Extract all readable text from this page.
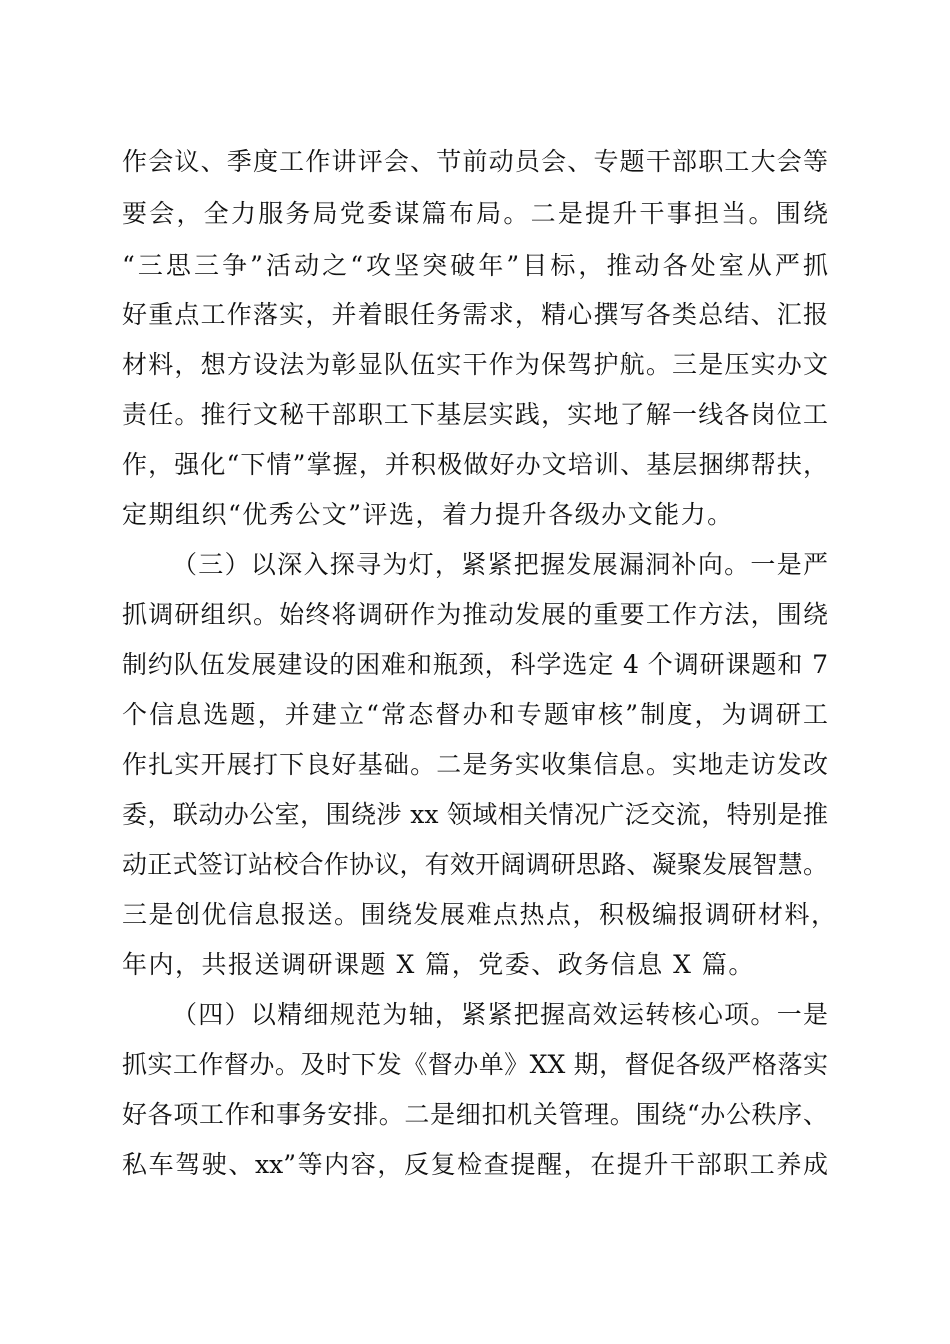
作会议、季度工作讲评会、节前动员会、专题干部职工大会等
要会，全力服务局党委谋篇布局。二是提升干事担当。围绕
“三思三争”活动之“攻坚突破年”目标，推动各处室从严抓
好重点工作落实，并着眼任务需求，精心撰写各类总结、汇报
材料，想方设法为彰显队伍实干作为保驾护航。三是压实办文
责任。推行文秘干部职工下基层实践，实地了解一线各岗位工
作，强化“下情”掌握，并积极做好办文培训、基层捆绑帮扶，
定期组织“优秀公文”评选，着力提升各级办文能力。
（三）以深入探寻为灯，紧紧把握发展漏洞补向。一是严
抓调研组织。始终将调研作为推动发展的重要工作方法，围绕
制约队伍发展建设的困难和瓶颈，科学选定 4 个调研课题和 7
个信息选题，并建立“常态督办和专题审核”制度，为调研工
作扎实开展打下良好基础。二是务实收集信息。实地走访发改
委，联动办公室，围绕涉 xx 领域相关情况广泛交流，特别是推
动正式签订站校合作协议，有效开阔调研思路、凝聚发展智慧。
三是创优信息报送。围绕发展难点热点，积极编报调研材料，
年内，共报送调研课题 X 篇，党委、政务信息 X 篇。
（四）以精细规范为轴，紧紧把握高效运转核心项。一是
抓实工作督办。及时下发《督办单》XX 期，督促各级严格落实
好各项工作和事务安排。二是细扣机关管理。围绕“办公秩序、
私车驾驶、xx”等内容，反复检查提醒，在提升干部职工养成
